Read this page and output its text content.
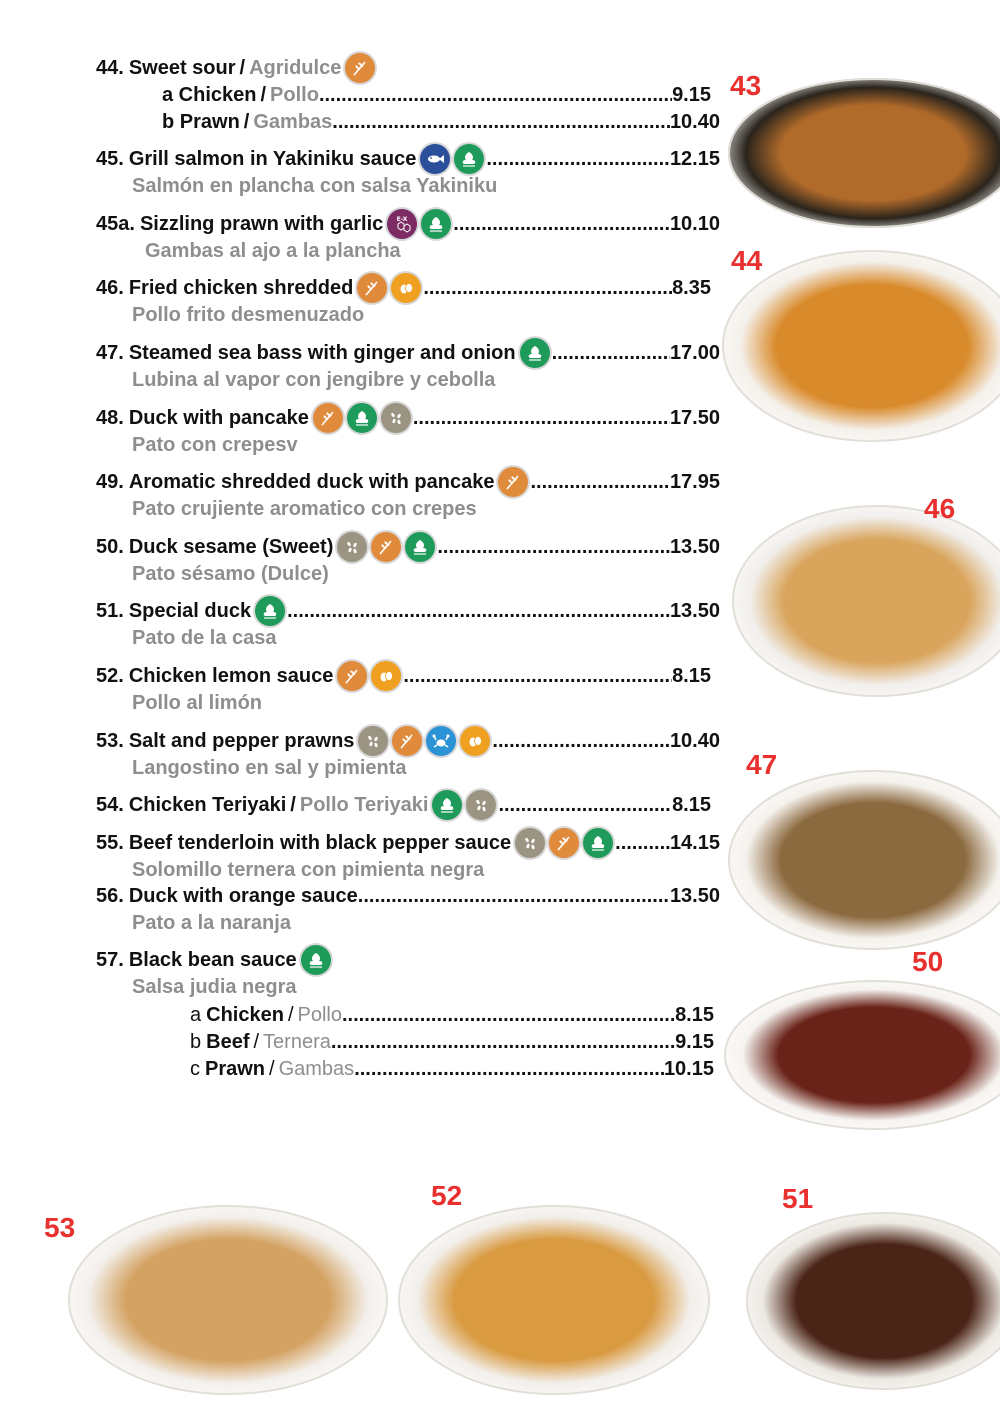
44. Sweet sour / Agridulce
a Chicken / Pollo .....	9.15
b Prawn / Gambas .....	10.40
45. Grill salmon in Yakiniku sauce .....	12.15
Salmón en plancha con salsa Yakiniku
45a. Sizzling prawn with garlic .....	10.10
Gambas al ajo a la plancha
46. Fried chicken shredded .....	8.35
Pollo frito desmenuzado
47. Steamed sea bass with ginger and onion .....	17.00
Lubina al vapor con jengibre y cebolla
48. Duck with pancake .....	17.50
Pato con crepesv
49. Aromatic shredded duck with pancake .....	17.95
Pato crujiente aromatico con crepes
50. Duck sesame (Sweet) .....	13.50
Pato sésamo (Dulce)
51. Special duck .....	13.50
Pato de la casa
52. Chicken lemon sauce .....	8.15
Pollo al limón
53. Salt and pepper prawns .....	10.40
Langostino en sal y pimienta
54. Chicken Teriyaki / Pollo Teriyaki .....	8.15
55. Beef tenderloin with black pepper sauce .....	14.15
Solomillo ternera con pimienta negra
56. Duck with orange sauce .....	13.50
Pato a la naranja
57. Black bean sauce
Salsa judia negra
a Chicken / Pollo .....	8.15
b Beef / Ternera .....	9.15
c Prawn / Gambas .....	10.15
43
44
46
47
50
53
52	51
